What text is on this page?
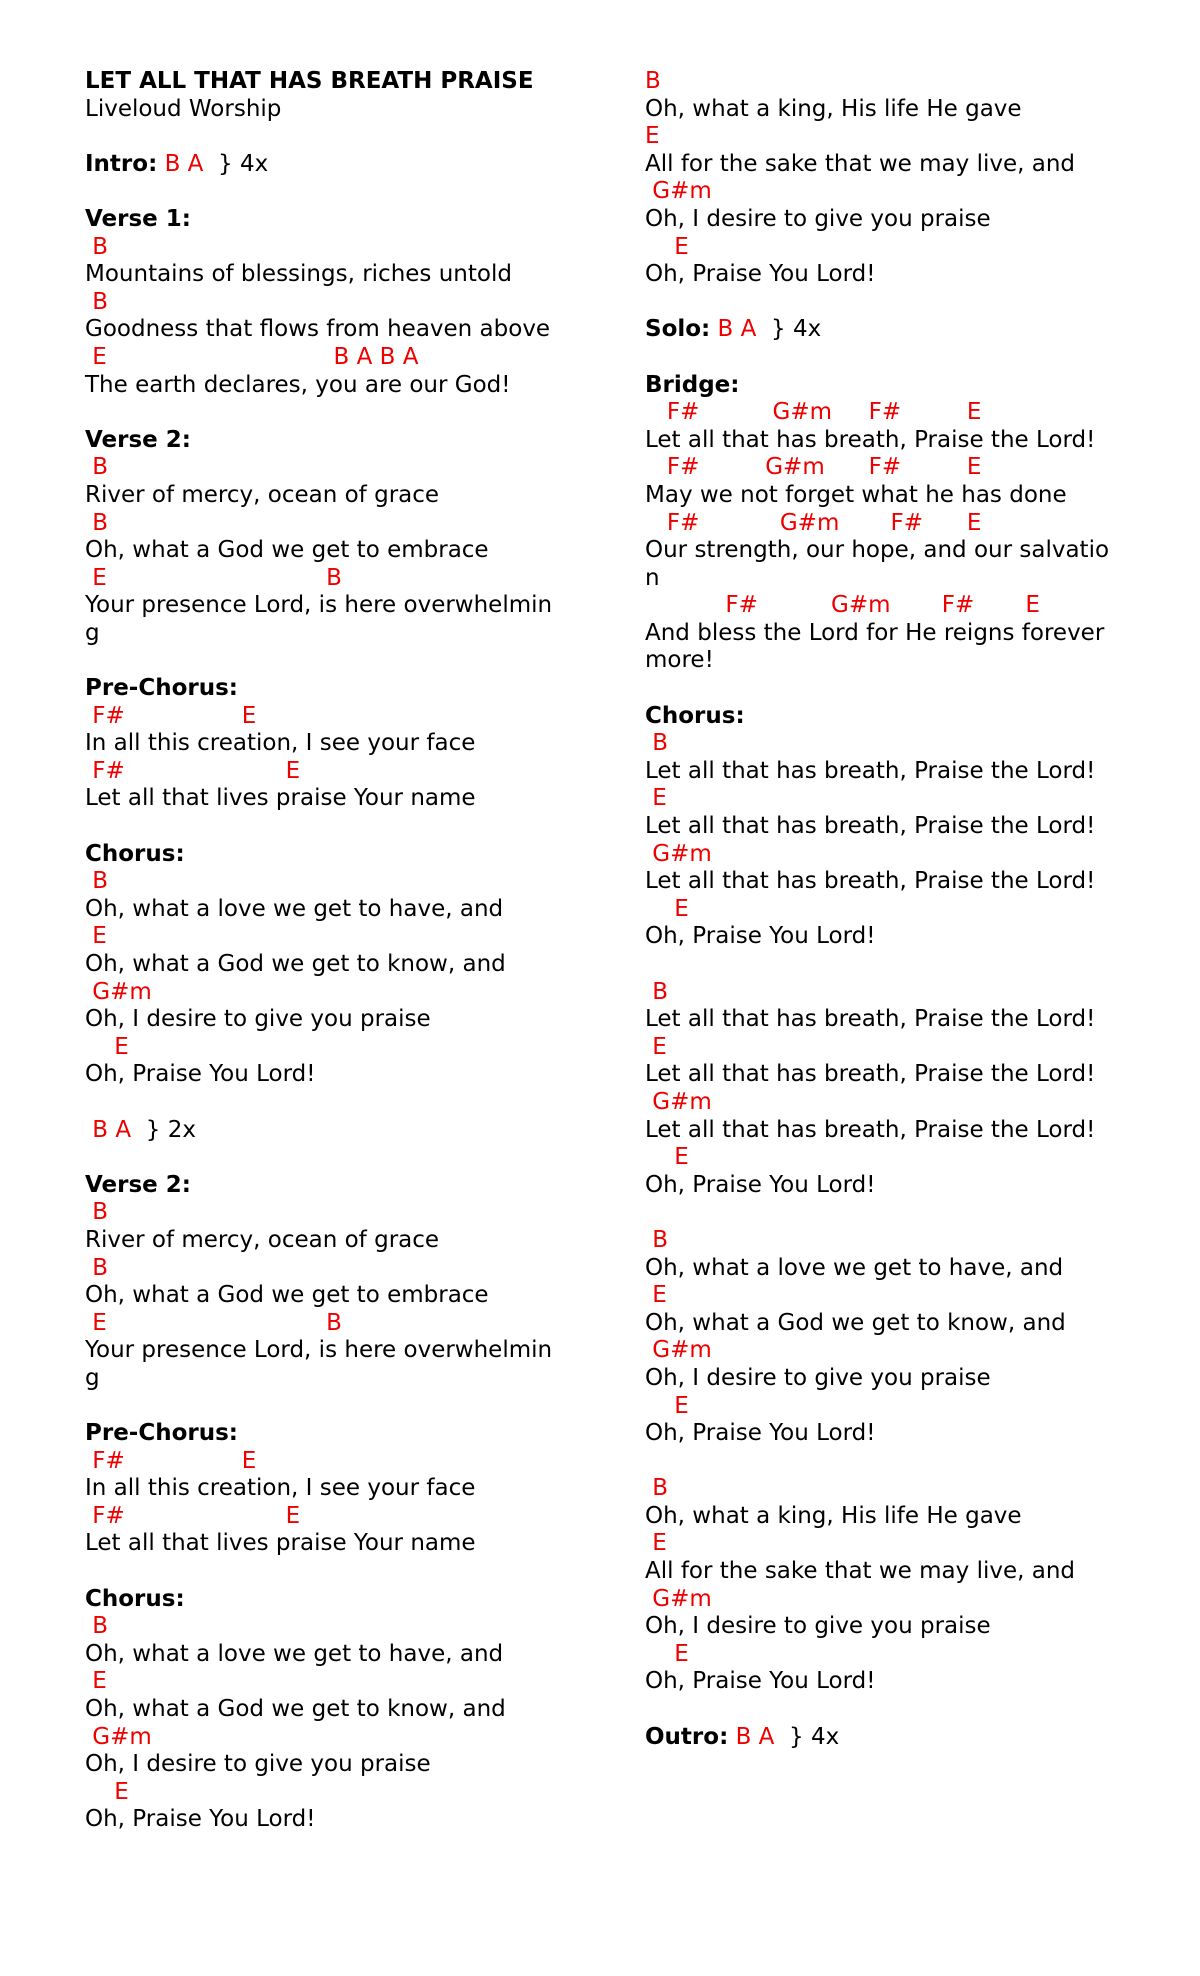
LET ALL THAT HAS BREATH PRAISE
Liveloud Worship
Intro: B A  } 4x
Verse 1:
B
Mountains of blessings, riches untold
B
Goodness that flows from heaven above
E                               B A B A
The earth declares, you are our God!
Verse 2:
B
River of mercy, ocean of grace
B
Oh, what a God we get to embrace
E                              B
Your presence Lord, is here overwhelmin
g
Pre-Chorus:
F#                E
In all this creation, I see your face
F#                      E
Let all that lives praise Your name
Chorus:
B
Oh, what a love we get to have, and
E
Oh, what a God we get to know, and
G#m
Oh, I desire to give you praise
E
Oh, Praise You Lord!
B A  } 2x
Verse 2:
B
River of mercy, ocean of grace
B
Oh, what a God we get to embrace
E                              B
Your presence Lord, is here overwhelmin
g
Pre-Chorus:
F#                E
In all this creation, I see your face
F#                      E
Let all that lives praise Your name
Chorus:
B
Oh, what a love we get to have, and
E
Oh, what a God we get to know, and
G#m
Oh, I desire to give you praise
E
Oh, Praise You Lord!
B
Oh, what a king, His life He gave
E
All for the sake that we may live, and
G#m
Oh, I desire to give you praise
E
Oh, Praise You Lord!
Solo: B A  } 4x
Bridge:
F#          G#m     F#         E
Let all that has breath, Praise the Lord!
F#         G#m      F#         E
May we not forget what he has done
F#           G#m       F#      E
Our strength, our hope, and our salvatio
n
F#          G#m       F#       E
And bless the Lord for He reigns forever
more!
Chorus:
B
Let all that has breath, Praise the Lord!
E
Let all that has breath, Praise the Lord!
G#m
Let all that has breath, Praise the Lord!
E
Oh, Praise You Lord!
B
Let all that has breath, Praise the Lord!
E
Let all that has breath, Praise the Lord!
G#m
Let all that has breath, Praise the Lord!
E
Oh, Praise You Lord!
B
Oh, what a love we get to have, and
E
Oh, what a God we get to know, and
G#m
Oh, I desire to give you praise
E
Oh, Praise You Lord!
B
Oh, what a king, His life He gave
E
All for the sake that we may live, and
G#m
Oh, I desire to give you praise
E
Oh, Praise You Lord!
Outro: B A  } 4x
